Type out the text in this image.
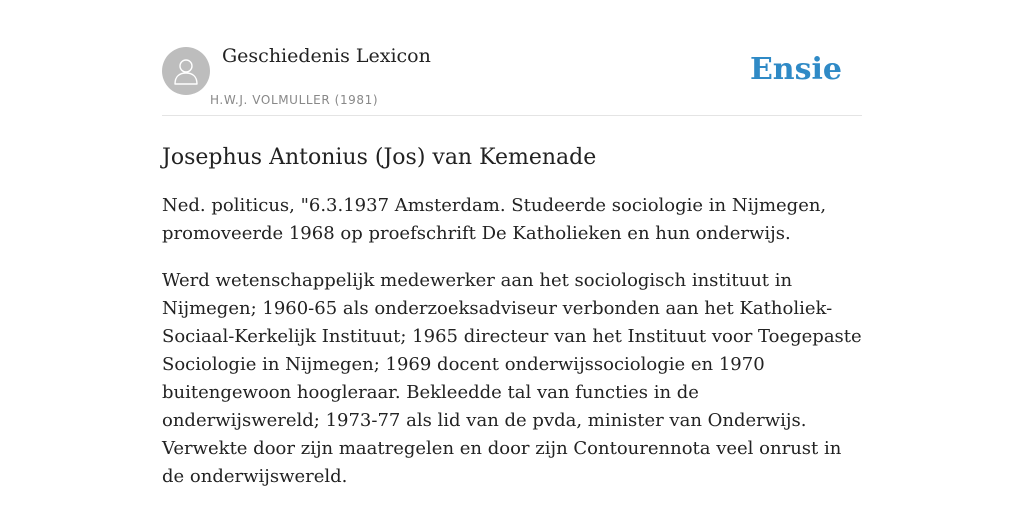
Geschiedenis Lexicon
H.W.J. VOLMULLER (1981)
Ensie
Josephus Antonius (Jos) van Kemenade

Ned. politicus, "6.3.1937 Amsterdam. Studeerde sociologie in Nijmegen, promoveerde 1968 op proefschrift De Katholieken en hun onderwijs.

Werd wetenschappelijk medewerker aan het sociologisch instituut in Nijmegen; 1960-65 als onderzoeksadviseur verbonden aan het Katholiek-Sociaal-Kerkelijk Instituut; 1965 directeur van het Instituut voor Toegepaste Sociologie in Nijmegen; 1969 docent onderwijssociologie en 1970 buitengewoon hoogleraar. Bekleedde tal van functies in de onderwijswereld; 1973-77 als lid van de pvda, minister van Onderwijs. Verwekte door zijn maatregelen en door zijn Contourennota veel onrust in de onderwijswereld.
